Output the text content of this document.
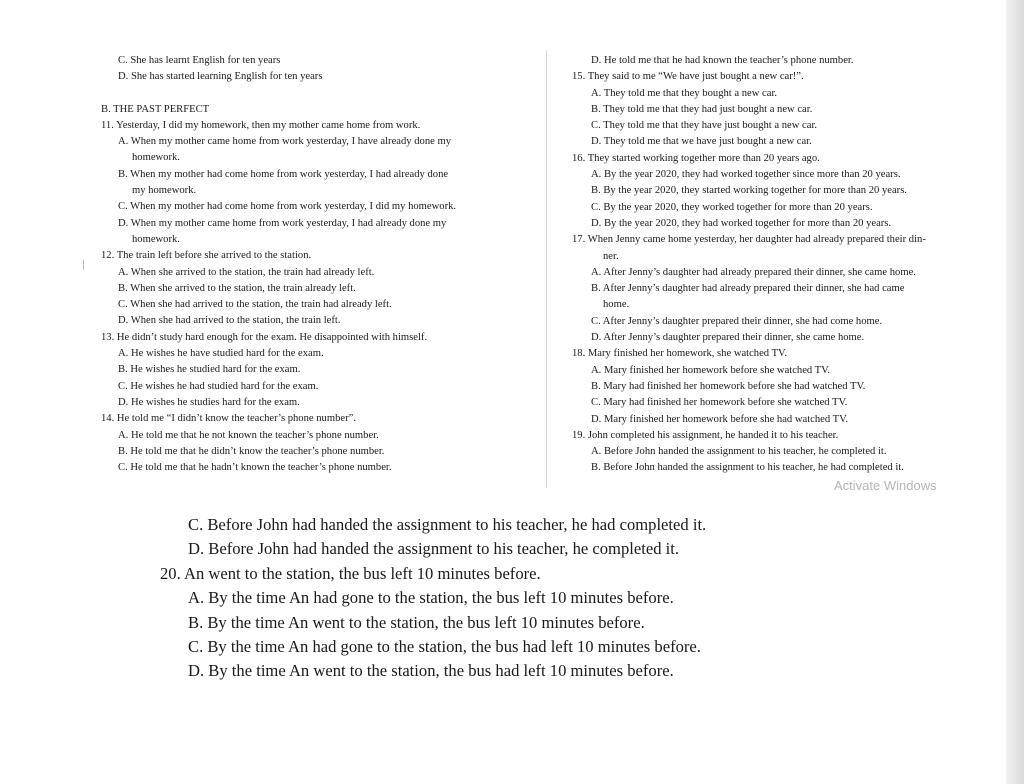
C. She has learnt English for ten years
D. She has started learning English for ten years
B. THE PAST PERFECT
11. Yesterday, I did my homework, then my mother came home from work.
A. When my mother came home from work yesterday, I have already done my
homework.
B. When my mother had come home from work yesterday, I had already done
my homework.
C. When my mother had come home from work yesterday, I did my homework.
D. When my mother came home from work yesterday, I had already done my
homework.
12. The train left before she arrived to the station.
A. When she arrived to the station, the train had already left.
B. When she arrived to the station, the train already left.
C. When she had arrived to the station, the train had already left.
D. When she had arrived to the station, the train left.
13. He didn’t study hard enough for the exam. He disappointed with himself.
A. He wishes he have studied hard for the exam.
B. He wishes he studied hard for the exam.
C. He wishes he had studied hard for the exam.
D. He wishes he studies hard for the exam.
14. He told me “I didn’t know the teacher’s phone number”.
A. He told me that he not known the teacher’s phone number.
B. He told me that he didn’t know the teacher’s phone number.
C. He told me that he hadn’t known the teacher’s phone number.
D. He told me that he had known the teacher’s phone number.
15. They said to me “We have just bought a new car!”.
A. They told me that they bought a new car.
B. They told me that they had just bought a new car.
C. They told me that they have just bought a new car.
D. They told me that we have just bought a new car.
16. They started working together more than 20 years ago.
A. By the year 2020, they had worked together since more than 20 years.
B. By the year 2020, they started working together for more than 20 years.
C. By the year 2020, they worked together for more than 20 years.
D. By the year 2020, they had worked together for more than 20 years.
17. When Jenny came home yesterday, her daughter had already prepared their din-
ner.
A. After Jenny’s daughter had already prepared their dinner, she came home.
B. After Jenny’s daughter had already prepared their dinner, she had came
home.
C. After Jenny’s daughter prepared their dinner, she had come home.
D. After Jenny’s daughter prepared their dinner, she came home.
18. Mary finished her homework, she watched TV.
A. Mary finished her homework before she watched TV.
B. Mary had finished her homework before she had watched TV.
C. Mary had finished her homework before she watched TV.
D. Mary finished her homework before she had watched TV.
19. John completed his assignment, he handed it to his teacher.
A. Before John handed the assignment to his teacher, he completed it.
B. Before John handed the assignment to his teacher, he had completed it.
Activate Windows
C. Before John had handed the assignment to his teacher, he had completed it.
D. Before John had handed the assignment to his teacher, he completed it.
20. An went to the station, the bus left 10 minutes before.
A. By the time An had gone to the station, the bus left 10 minutes before.
B. By the time An went to the station, the bus left 10 minutes before.
C. By the time An had gone to the station, the bus had left 10 minutes before.
D. By the time An went to the station, the bus had left 10 minutes before.
